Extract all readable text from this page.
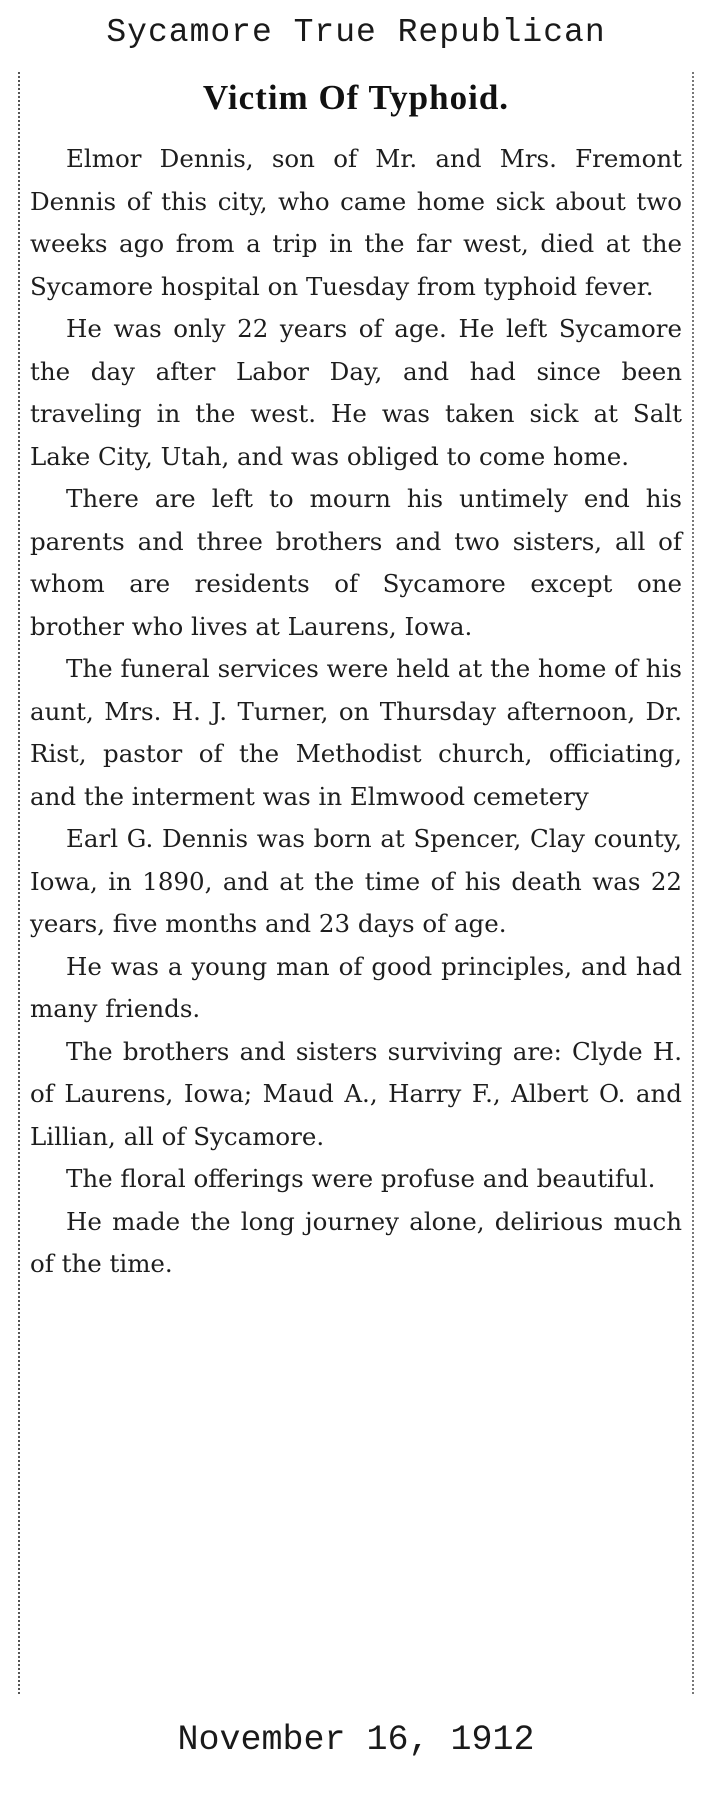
Sycamore True Republican
Victim Of Typhoid.

Elmor Dennis, son of Mr. and Mrs. Fremont Dennis of this city, who came home sick about two weeks ago from a trip in the far west, died at the Sycamore hospital on Tuesday from typhoid fever.

He was only 22 years of age. He left Sycamore the day after Labor Day, and had since been traveling in the west. He was taken sick at Salt Lake City, Utah, and was obliged to come home.

There are left to mourn his untimely end his parents and three brothers and two sisters, all of whom are residents of Sycamore except one brother who lives at Laurens, Iowa.

The funeral services were held at the home of his aunt, Mrs. H. J. Turner, on Thursday afternoon, Dr. Rist, pastor of the Methodist church, officiating, and the interment was in Elmwood cemetery

Earl G. Dennis was born at Spencer, Clay county, Iowa, in 1890, and at the time of his death was 22 years, five months and 23 days of age.

He was a young man of good principles, and had many friends.

The brothers and sisters surviving are: Clyde H. of Laurens, Iowa; Maud A., Harry F., Albert O. and Lillian, all of Sycamore.

The floral offerings were profuse and beautiful.

He made the long journey alone, delirious much of the time.

November 16, 1912
